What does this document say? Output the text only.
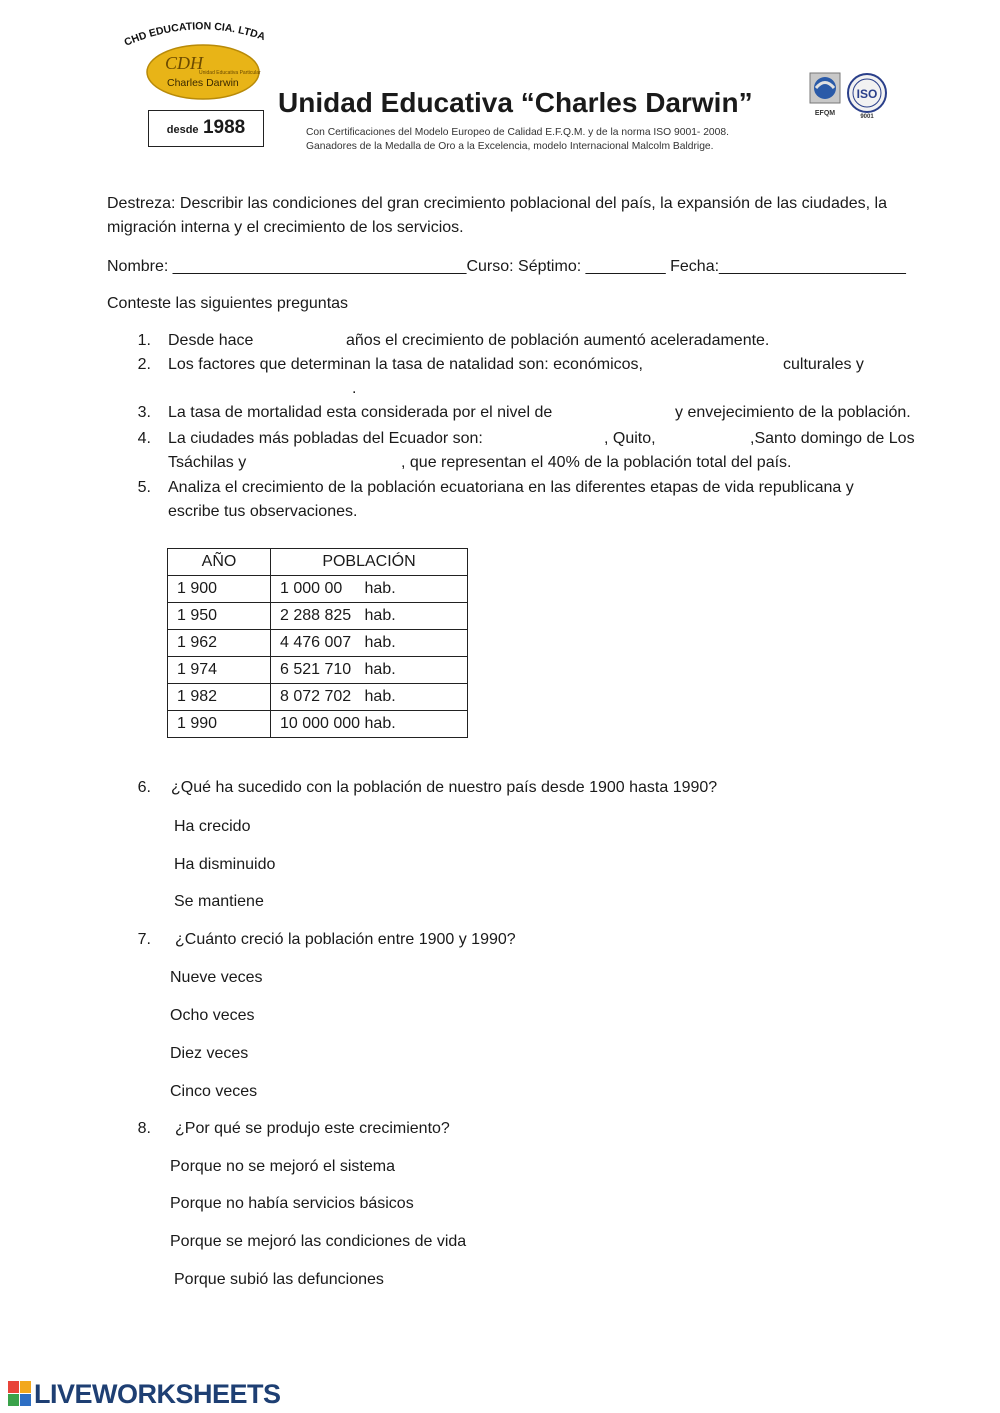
CHD EDUCATION CIA. LTDA
CDH
Unidad Educativa Particular
Charles Darwin
desde 1988
Unidad Educativa “Charles Darwin”
Con Certificaciones del Modelo Europeo de Calidad E.F.Q.M. y de la norma ISO 9001- 2008.
Ganadores de la Medalla de Oro a la Excelencia, modelo Internacional Malcolm Baldrige.
EFQM
ISO
9001
Destreza: Describir las condiciones del gran crecimiento poblacional del país, la expansión de las ciudades, la
migración interna y el crecimiento de los servicios.
Nombre: _________________________________Curso: Séptimo: _________ Fecha:_____________________
Conteste las siguientes preguntas
1. Desde hace	años el crecimiento de población aumentó aceleradamente.
2. Los factores que determinan la tasa de natalidad son: económicos,	culturales y
.
3. La tasa de mortalidad esta considerada por el nivel de	y envejecimiento de la población.
4. La ciudades más pobladas del Ecuador son:	, Quito,	,Santo domingo de Los
Tsáchilas y	, que representan el 40% de la población total del país.
5. Analiza el crecimiento de la población ecuatoriana en las diferentes etapas de vida republicana y
escribe tus observaciones.
AÑO	POBLACIÓN
1 900	1 000 00     hab.
1 950	2 288 825   hab.
1 962	4 476 007   hab.
1 974	6 521 710   hab.
1 982	8 072 702   hab.
1 990	10 000 000 hab.
6. ¿Qué ha sucedido con la población de nuestro país desde 1900 hasta 1990?
Ha crecido
Ha disminuido
Se mantiene
7. ¿Cuánto creció la población entre 1900 y 1990?
Nueve veces
Ocho veces
Diez veces
Cinco veces
8. ¿Por qué se produjo este crecimiento?
Porque no se mejoró el sistema
Porque no había servicios básicos
Porque se mejoró las condiciones de vida
Porque subió las defunciones
LIVEWORKSHEETS
